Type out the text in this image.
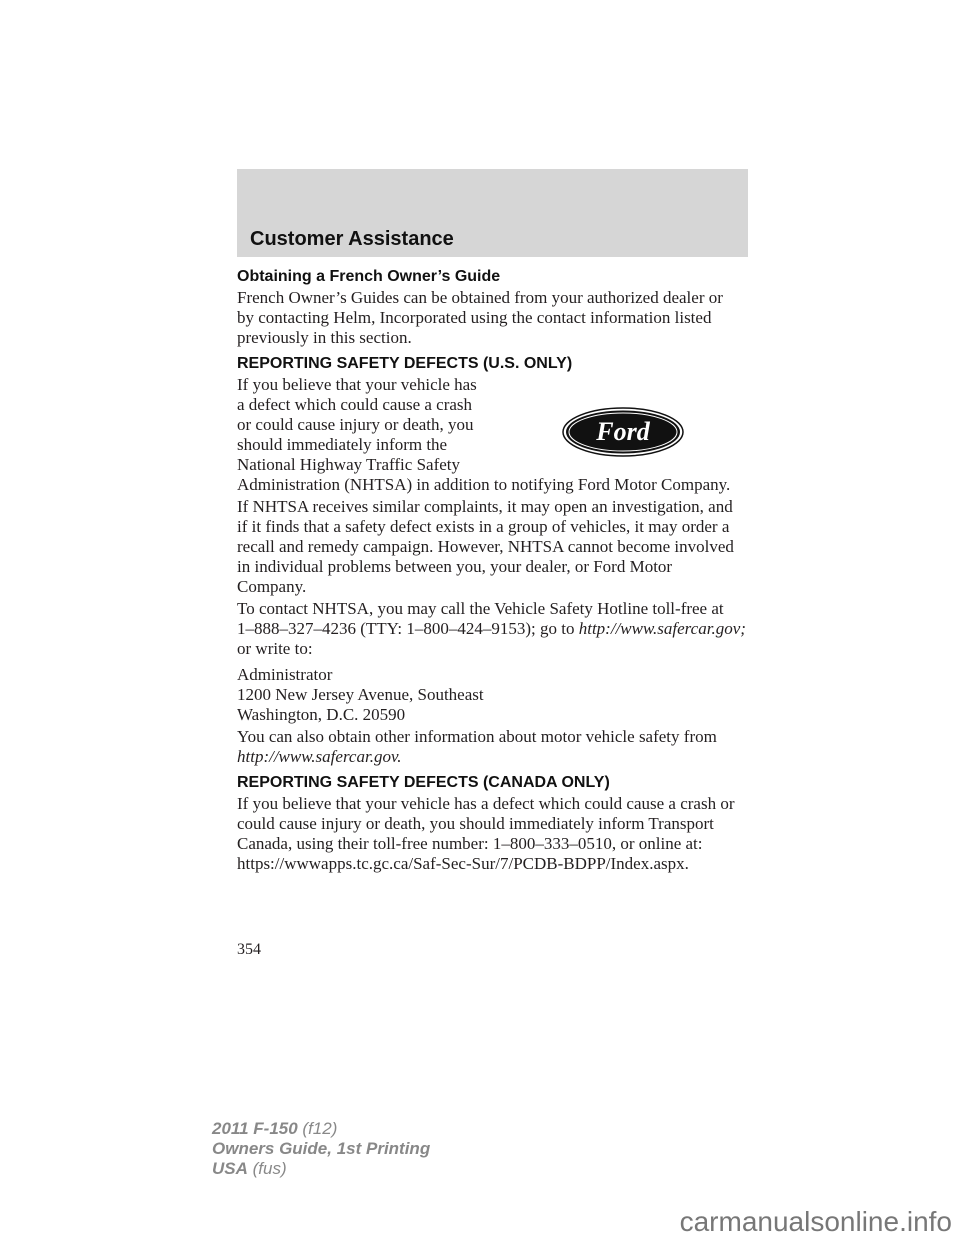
Customer Assistance
Obtaining a French Owner’s Guide
French Owner’s Guides can be obtained from your authorized dealer or
by contacting Helm, Incorporated using the contact information listed
previously in this section.
REPORTING SAFETY DEFECTS (U.S. ONLY)
If you believe that your vehicle has
a defect which could cause a crash
or could cause injury or death, you
should immediately inform the
National Highway Traffic Safety
Administration (NHTSA) in addition to notifying Ford Motor Company.
Ford
If NHTSA receives similar complaints, it may open an investigation, and
if it finds that a safety defect exists in a group of vehicles, it may order a
recall and remedy campaign. However, NHTSA cannot become involved
in individual problems between you, your dealer, or Ford Motor
Company.
To contact NHTSA, you may call the Vehicle Safety Hotline toll-free at
1–888–327–4236 (TTY: 1–800–424–9153); go to http://www.safercar.gov;
or write to:
Administrator
1200 New Jersey Avenue, Southeast
Washington, D.C. 20590
You can also obtain other information about motor vehicle safety from
http://www.safercar.gov.
REPORTING SAFETY DEFECTS (CANADA ONLY)
If you believe that your vehicle has a defect which could cause a crash or
could cause injury or death, you should immediately inform Transport
Canada, using their toll-free number: 1–800–333–0510, or online at:
https://wwwapps.tc.gc.ca/Saf-Sec-Sur/7/PCDB-BDPP/Index.aspx.
354
2011 F-150 (f12)
Owners Guide, 1st Printing
USA (fus)
carmanualsonline.info
